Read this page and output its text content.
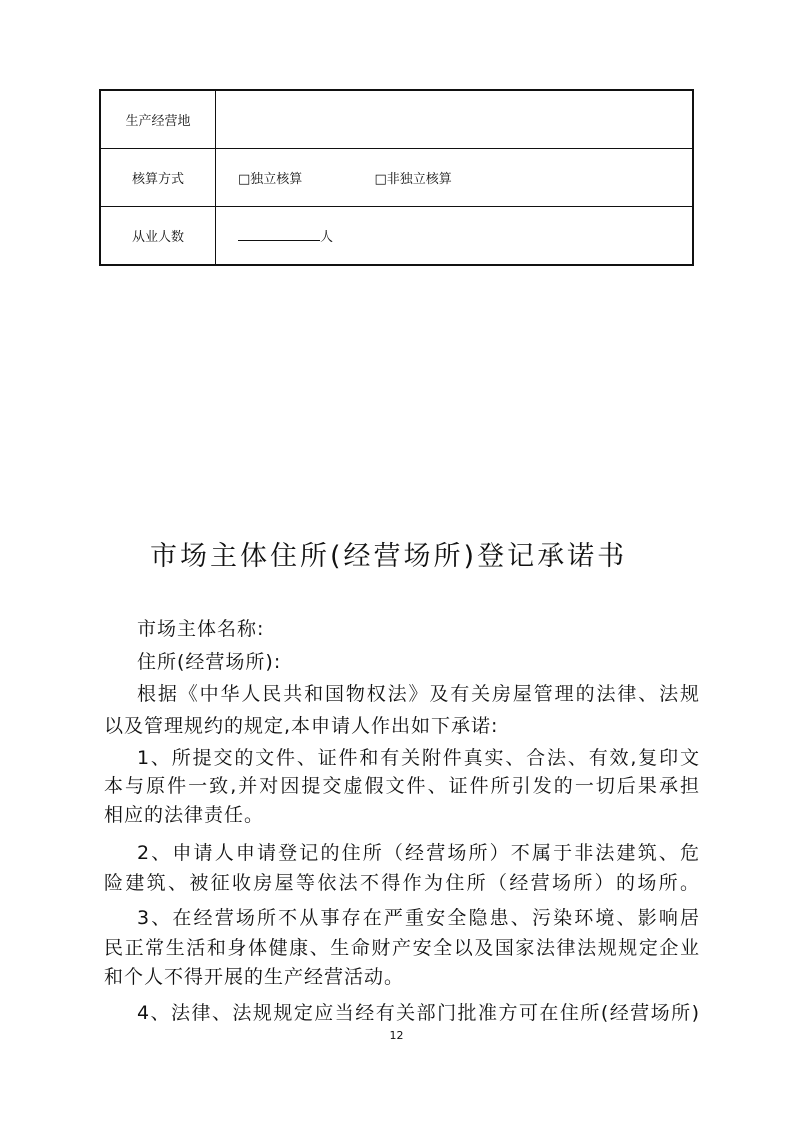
生产经营地	
核算方式	□独立核算 □非独立核算
从业人数	人
市场主体住所(经营场所)登记承诺书
市场主体名称:
住所(经营场所):
根据《中华人民共和国物权法》及有关房屋管理的法律、法规
以及管理规约的规定,本申请人作出如下承诺:
1、所提交的文件、证件和有关附件真实、合法、有效,复印文
本与原件一致,并对因提交虚假文件、证件所引发的一切后果承担
相应的法律责任。
2、申请人申请登记的住所（经营场所）不属于非法建筑、危
险建筑、被征收房屋等依法不得作为住所（经营场所）的场所。
3、在经营场所不从事存在严重安全隐患、污染环境、影响居
民正常生活和身体健康、生命财产安全以及国家法律法规规定企业
和个人不得开展的生产经营活动。
4、法律、法规规定应当经有关部门批准方可在住所(经营场所)
12
